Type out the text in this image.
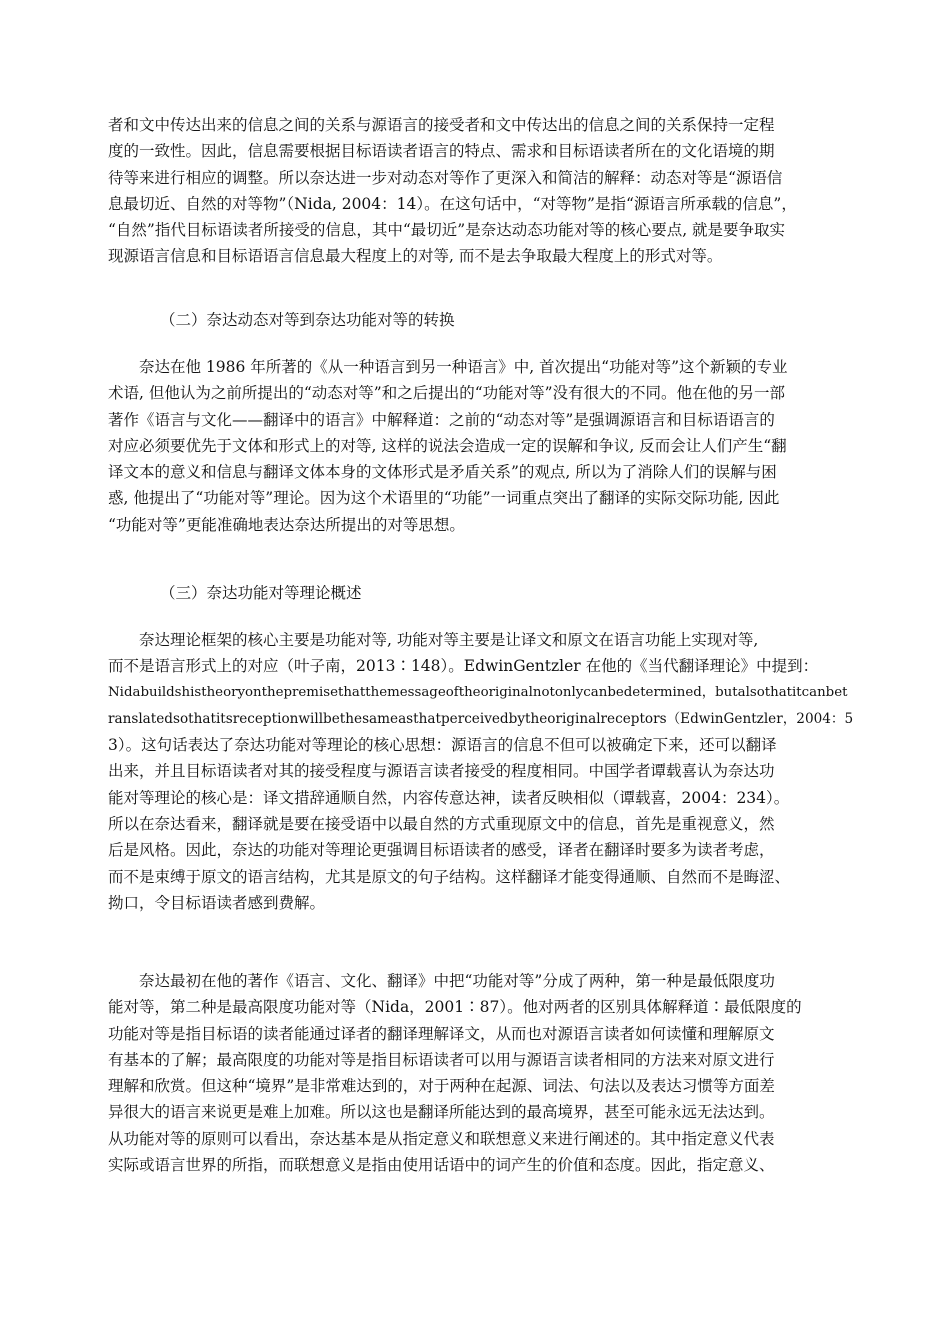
者和文中传达出来的信息之间的关系与源语言的接受者和文中传达出的信息之间的关系保持一定程
度的一致性。因此，信息需要根据目标语读者语言的特点、需求和目标语读者所在的文化语境的期
待等来进行相应的调整。所以奈达进一步对动态对等作了更深入和简洁的解释：动态对等是“源语信
息最切近、自然的对等物”（Nida, 2004：14）。在这句话中，“对等物”是指“源语言所承载的信息”，
“自然”指代目标语读者所接受的信息，其中“最切近”是奈达动态功能对等的核心要点, 就是要争取实
现源语言信息和目标语语言信息最大程度上的对等, 而不是去争取最大程度上的形式对等。
（二）奈达动态对等到奈达功能对等的转换
奈达在他 1986 年所著的《从一种语言到另一种语言》中, 首次提出“功能对等”这个新颖的专业
术语, 但他认为之前所提出的“动态对等”和之后提出的“功能对等”没有很大的不同。他在他的另一部
著作《语言与文化——翻译中的语言》中解释道：之前的“动态对等”是强调源语言和目标语语言的
对应必须要优先于文体和形式上的对等, 这样的说法会造成一定的误解和争议, 反而会让人们产生“翻
译文本的意义和信息与翻译文体本身的文体形式是矛盾关系”的观点, 所以为了消除人们的误解与困
惑, 他提出了“功能对等”理论。因为这个术语里的“功能”一词重点突出了翻译的实际交际功能, 因此
“功能对等”更能准确地表达奈达所提出的对等思想。
（三）奈达功能对等理论概述
奈达理论框架的核心主要是功能对等, 功能对等主要是让译文和原文在语言功能上实现对等,
而不是语言形式上的对应（叶子南，2013∶148）。EdwinGentzler 在他的《当代翻译理论》中提到：
Nidabuildshistheoryonthepremisethatthemessageoftheoriginalnotonlycanbedetermined，butalsothatitcanbet
ranslatedsothatitsreceptionwillbethesameasthatperceivedbytheoriginalreceptors（EdwinGentzler，2004：5
3）。这句话表达了奈达功能对等理论的核心思想：源语言的信息不但可以被确定下来，还可以翻译
出来，并且目标语读者对其的接受程度与源语言读者接受的程度相同。中国学者谭载喜认为奈达功
能对等理论的核心是：译文措辞通顺自然，内容传意达神，读者反映相似（谭载喜，2004：234）。
所以在奈达看来，翻译就是要在接受语中以最自然的方式重现原文中的信息，首先是重视意义，然
后是风格。因此，奈达的功能对等理论更强调目标语读者的感受，译者在翻译时要多为读者考虑，
而不是束缚于原文的语言结构，尤其是原文的句子结构。这样翻译才能变得通顺、自然而不是晦涩、
拗口，令目标语读者感到费解。
奈达最初在他的著作《语言、文化、翻译》中把“功能对等”分成了两种，第一种是最低限度功
能对等，第二种是最高限度功能对等（Nida，2001∶87）。他对两者的区别具体解释道∶最低限度的
功能对等是指目标语的读者能通过译者的翻译理解译文，从而也对源语言读者如何读懂和理解原文
有基本的了解；最高限度的功能对等是指目标语读者可以用与源语言读者相同的方法来对原文进行
理解和欣赏。但这种“境界”是非常难达到的，对于两种在起源、词法、句法以及表达习惯等方面差
异很大的语言来说更是难上加难。所以这也是翻译所能达到的最高境界，甚至可能永远无法达到。
从功能对等的原则可以看出，奈达基本是从指定意义和联想意义来进行阐述的。其中指定意义代表
实际或语言世界的所指，而联想意义是指由使用话语中的词产生的价值和态度。因此，指定意义、
